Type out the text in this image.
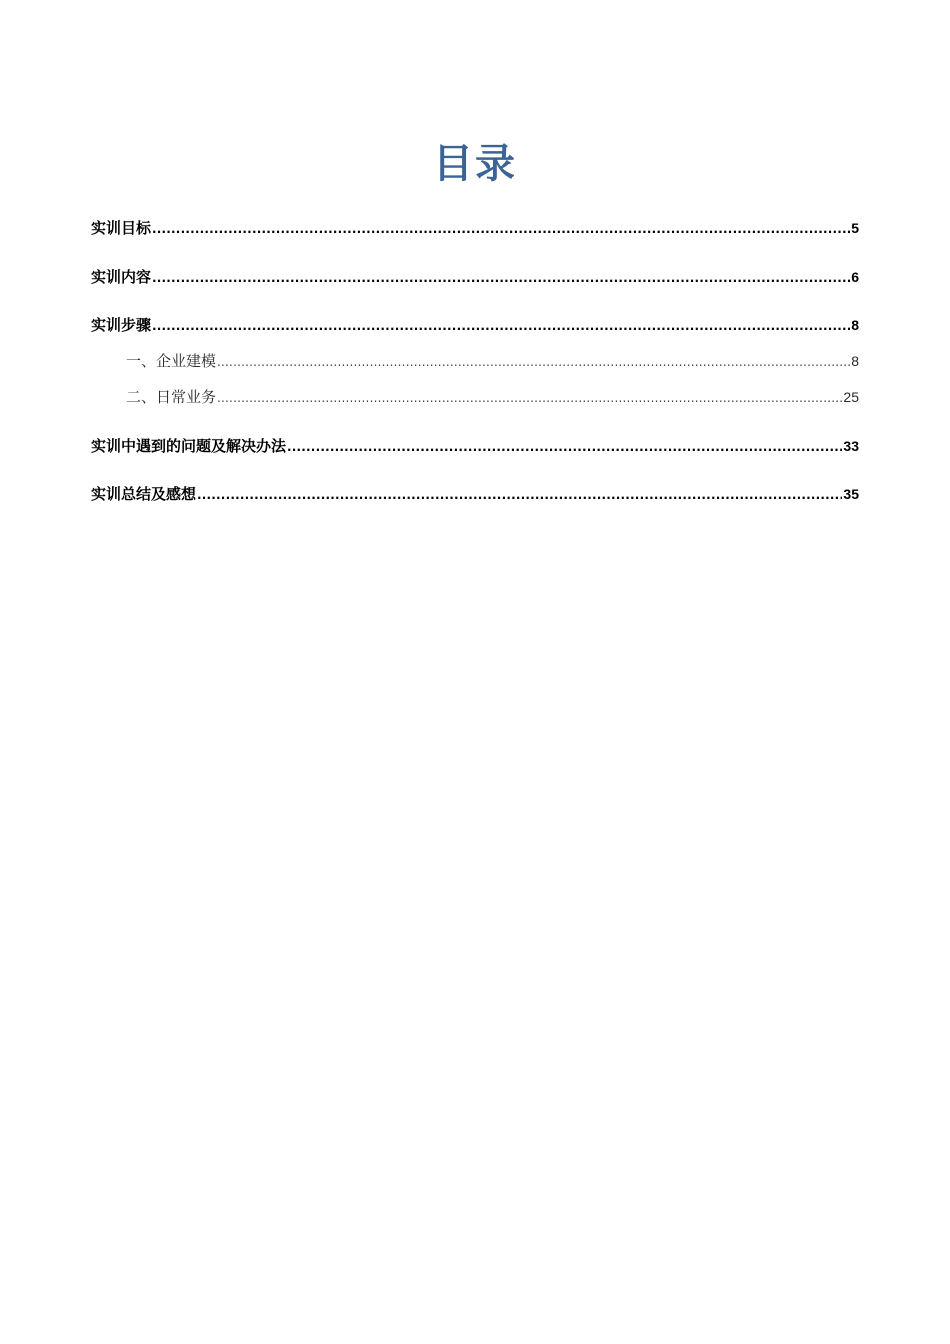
目录
实训目标 .....	5
实训内容 .....	6
实训步骤 .....	8
一、企业建模 .....	8
二、日常业务 .....	25
实训中遇到的问题及解决办法 .....	33
实训总结及感想 .....	35
